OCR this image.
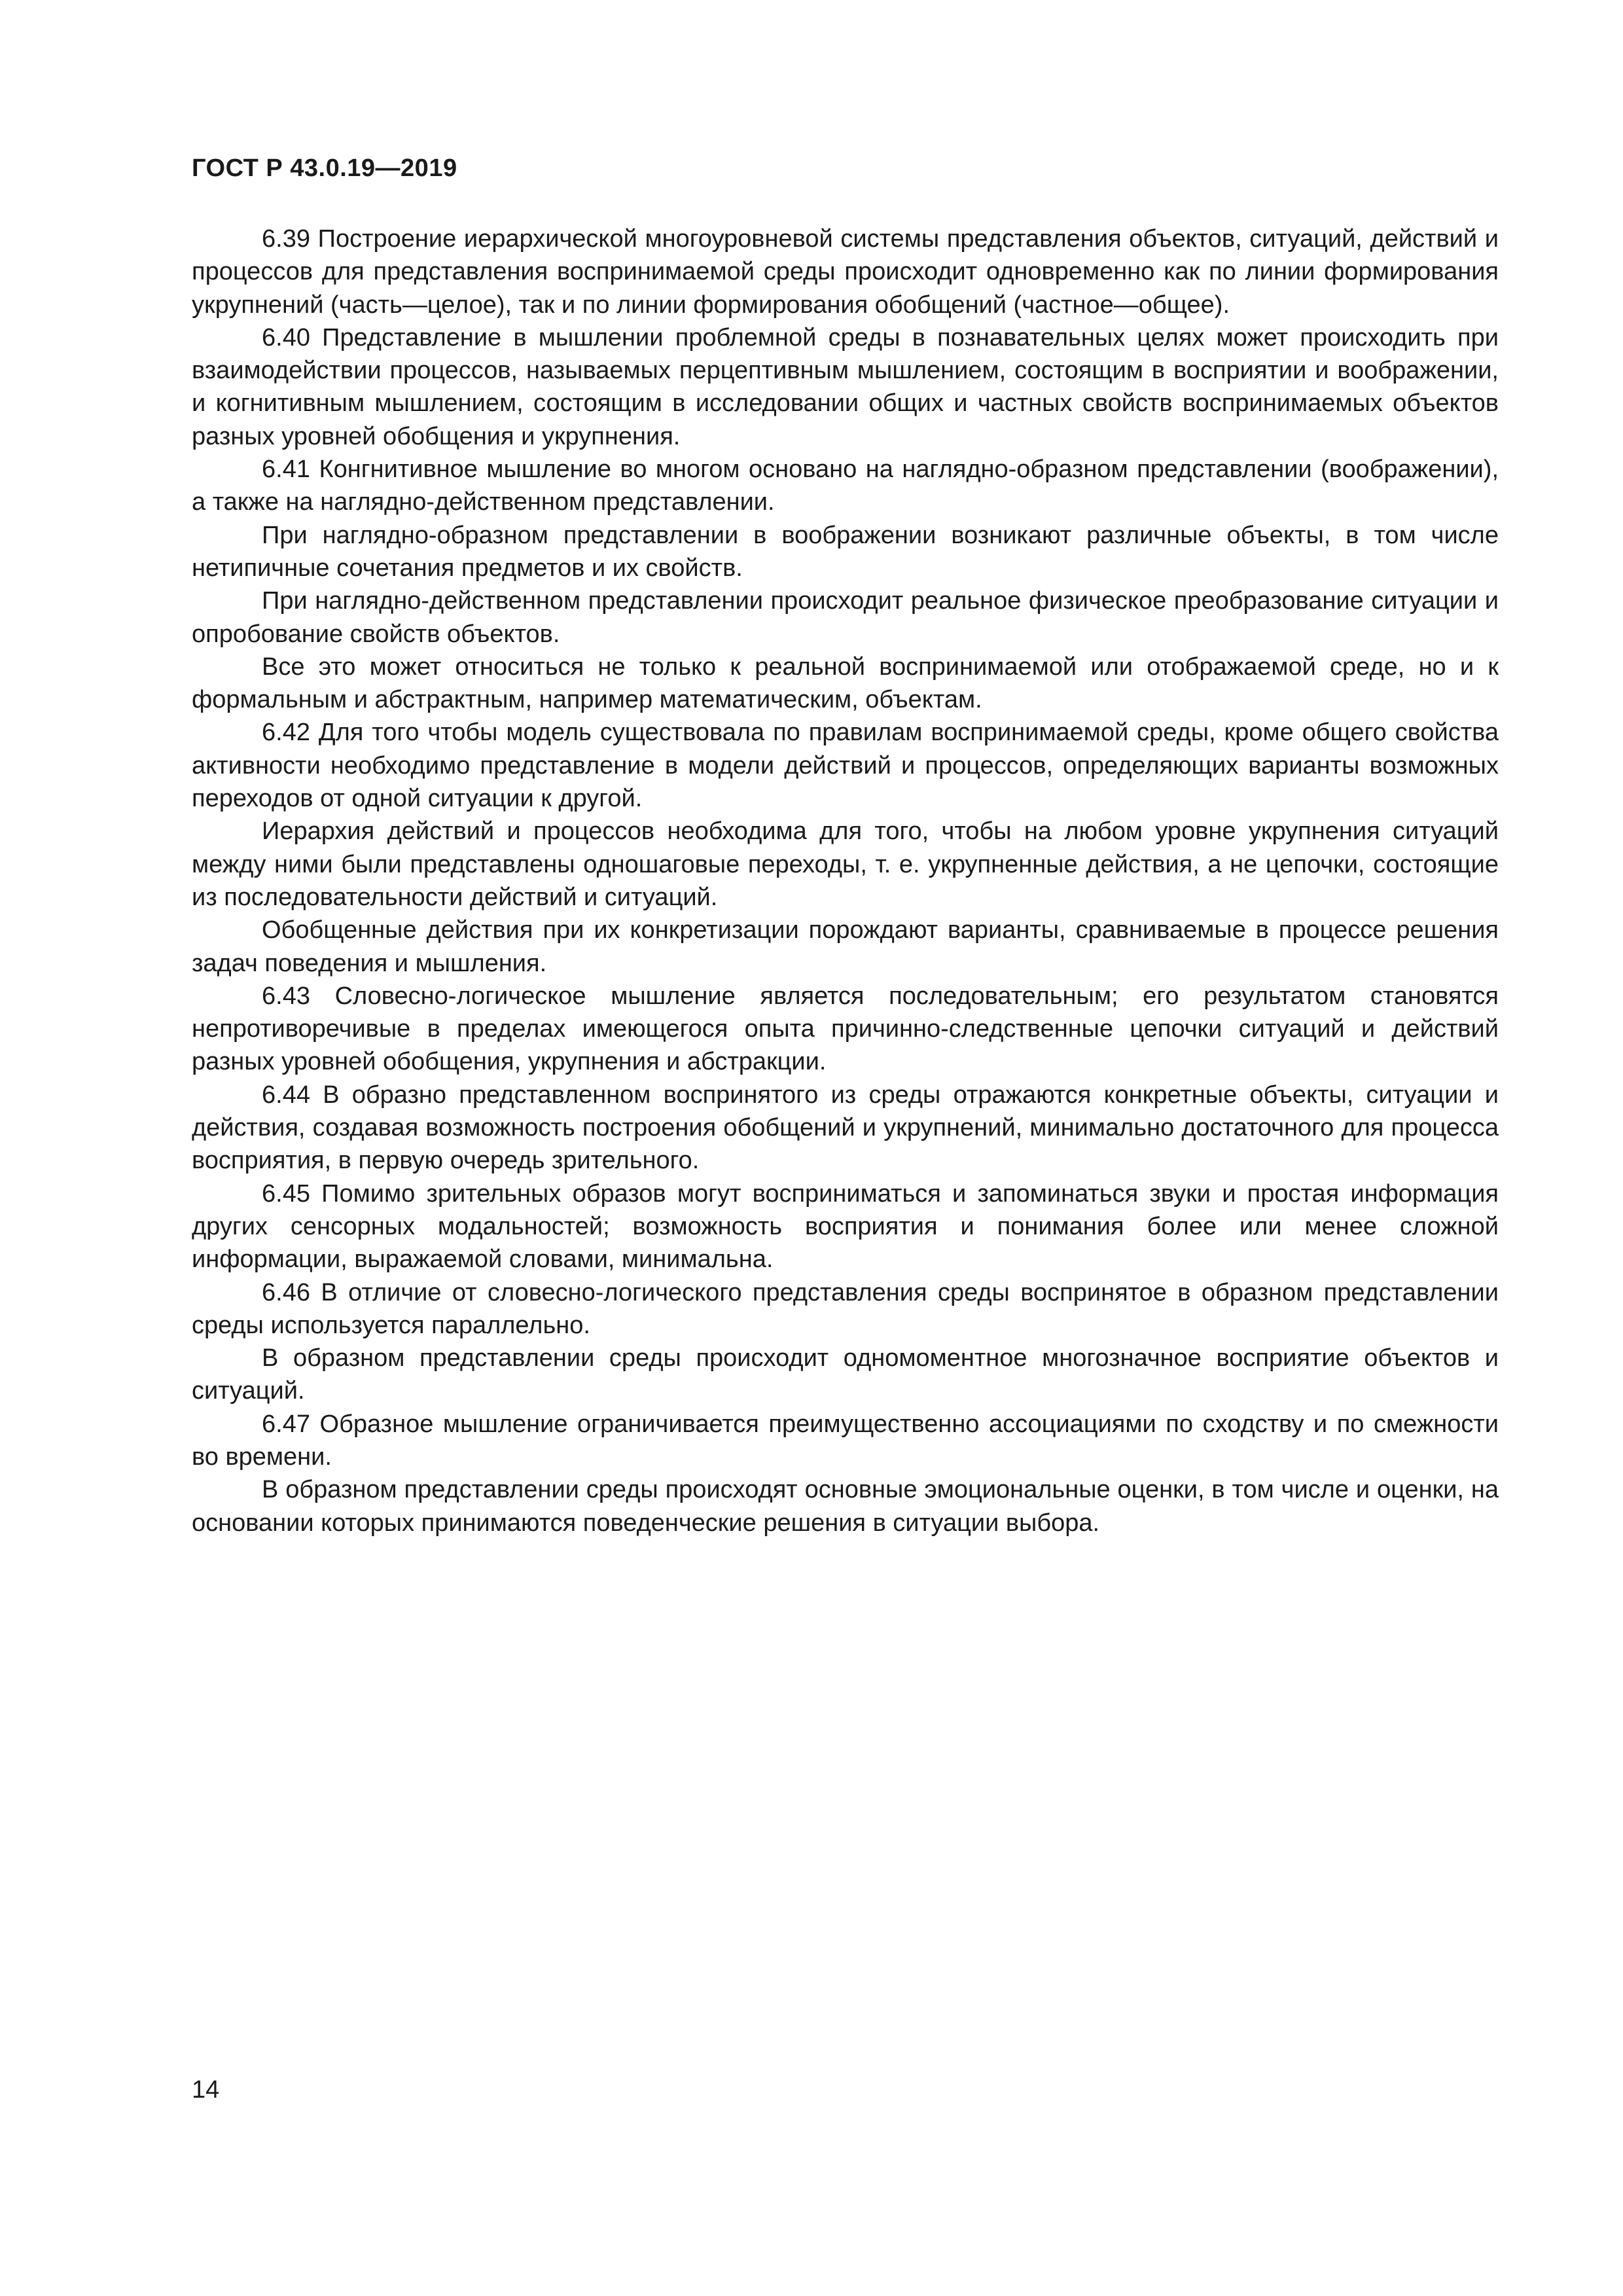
ГОСТ Р 43.0.19—2019

6.39 Построение иерархической многоуровневой системы представления объектов, ситуаций, действий и процессов для представления воспринимаемой среды происходит одновременно как по линии формирования укрупнений (часть—целое), так и по линии формирования обобщений (частное—общее).

6.40 Представление в мышлении проблемной среды в познавательных целях может происходить при взаимодействии процессов, называемых перцептивным мышлением, состоящим в восприятии и воображении, и когнитивным мышлением, состоящим в исследовании общих и частных свойств воспринимаемых объектов разных уровней обобщения и укрупнения.

6.41 Конгнитивное мышление во многом основано на наглядно-образном представлении (воображении), а также на наглядно-действенном представлении.

При наглядно-образном представлении в воображении возникают различные объекты, в том числе нетипичные сочетания предметов и их свойств.

При наглядно-действенном представлении происходит реальное физическое преобразование ситуации и опробование свойств объектов.

Все это может относиться не только к реальной воспринимаемой или отображаемой среде, но и к формальным и абстрактным, например математическим, объектам.

6.42 Для того чтобы модель существовала по правилам воспринимаемой среды, кроме общего свойства активности необходимо представление в модели действий и процессов, определяющих варианты возможных переходов от одной ситуации к другой.

Иерархия действий и процессов необходима для того, чтобы на любом уровне укрупнения ситуаций между ними были представлены одношаговые переходы, т. е. укрупненные действия, а не цепочки, состоящие из последовательности действий и ситуаций.

Обобщенные действия при их конкретизации порождают варианты, сравниваемые в процессе решения задач поведения и мышления.

6.43 Словесно-логическое мышление является последовательным; его результатом становятся непротиворечивые в пределах имеющегося опыта причинно-следственные цепочки ситуаций и действий разных уровней обобщения, укрупнения и абстракции.

6.44 В образно представленном воспринятого из среды отражаются конкретные объекты, ситуации и действия, создавая возможность построения обобщений и укрупнений, минимально достаточного для процесса восприятия, в первую очередь зрительного.

6.45 Помимо зрительных образов могут восприниматься и запоминаться звуки и простая информация других сенсорных модальностей; возможность восприятия и понимания более или менее сложной информации, выражаемой словами, минимальна.

6.46 В отличие от словесно-логического представления среды воспринятое в образном представлении среды используется параллельно.

В образном представлении среды происходит одномоментное многозначное восприятие объектов и ситуаций.

6.47 Образное мышление ограничивается преимущественно ассоциациями по сходству и по смежности во времени.

В образном представлении среды происходят основные эмоциональные оценки, в том числе и оценки, на основании которых принимаются поведенческие решения в ситуации выбора.

14
